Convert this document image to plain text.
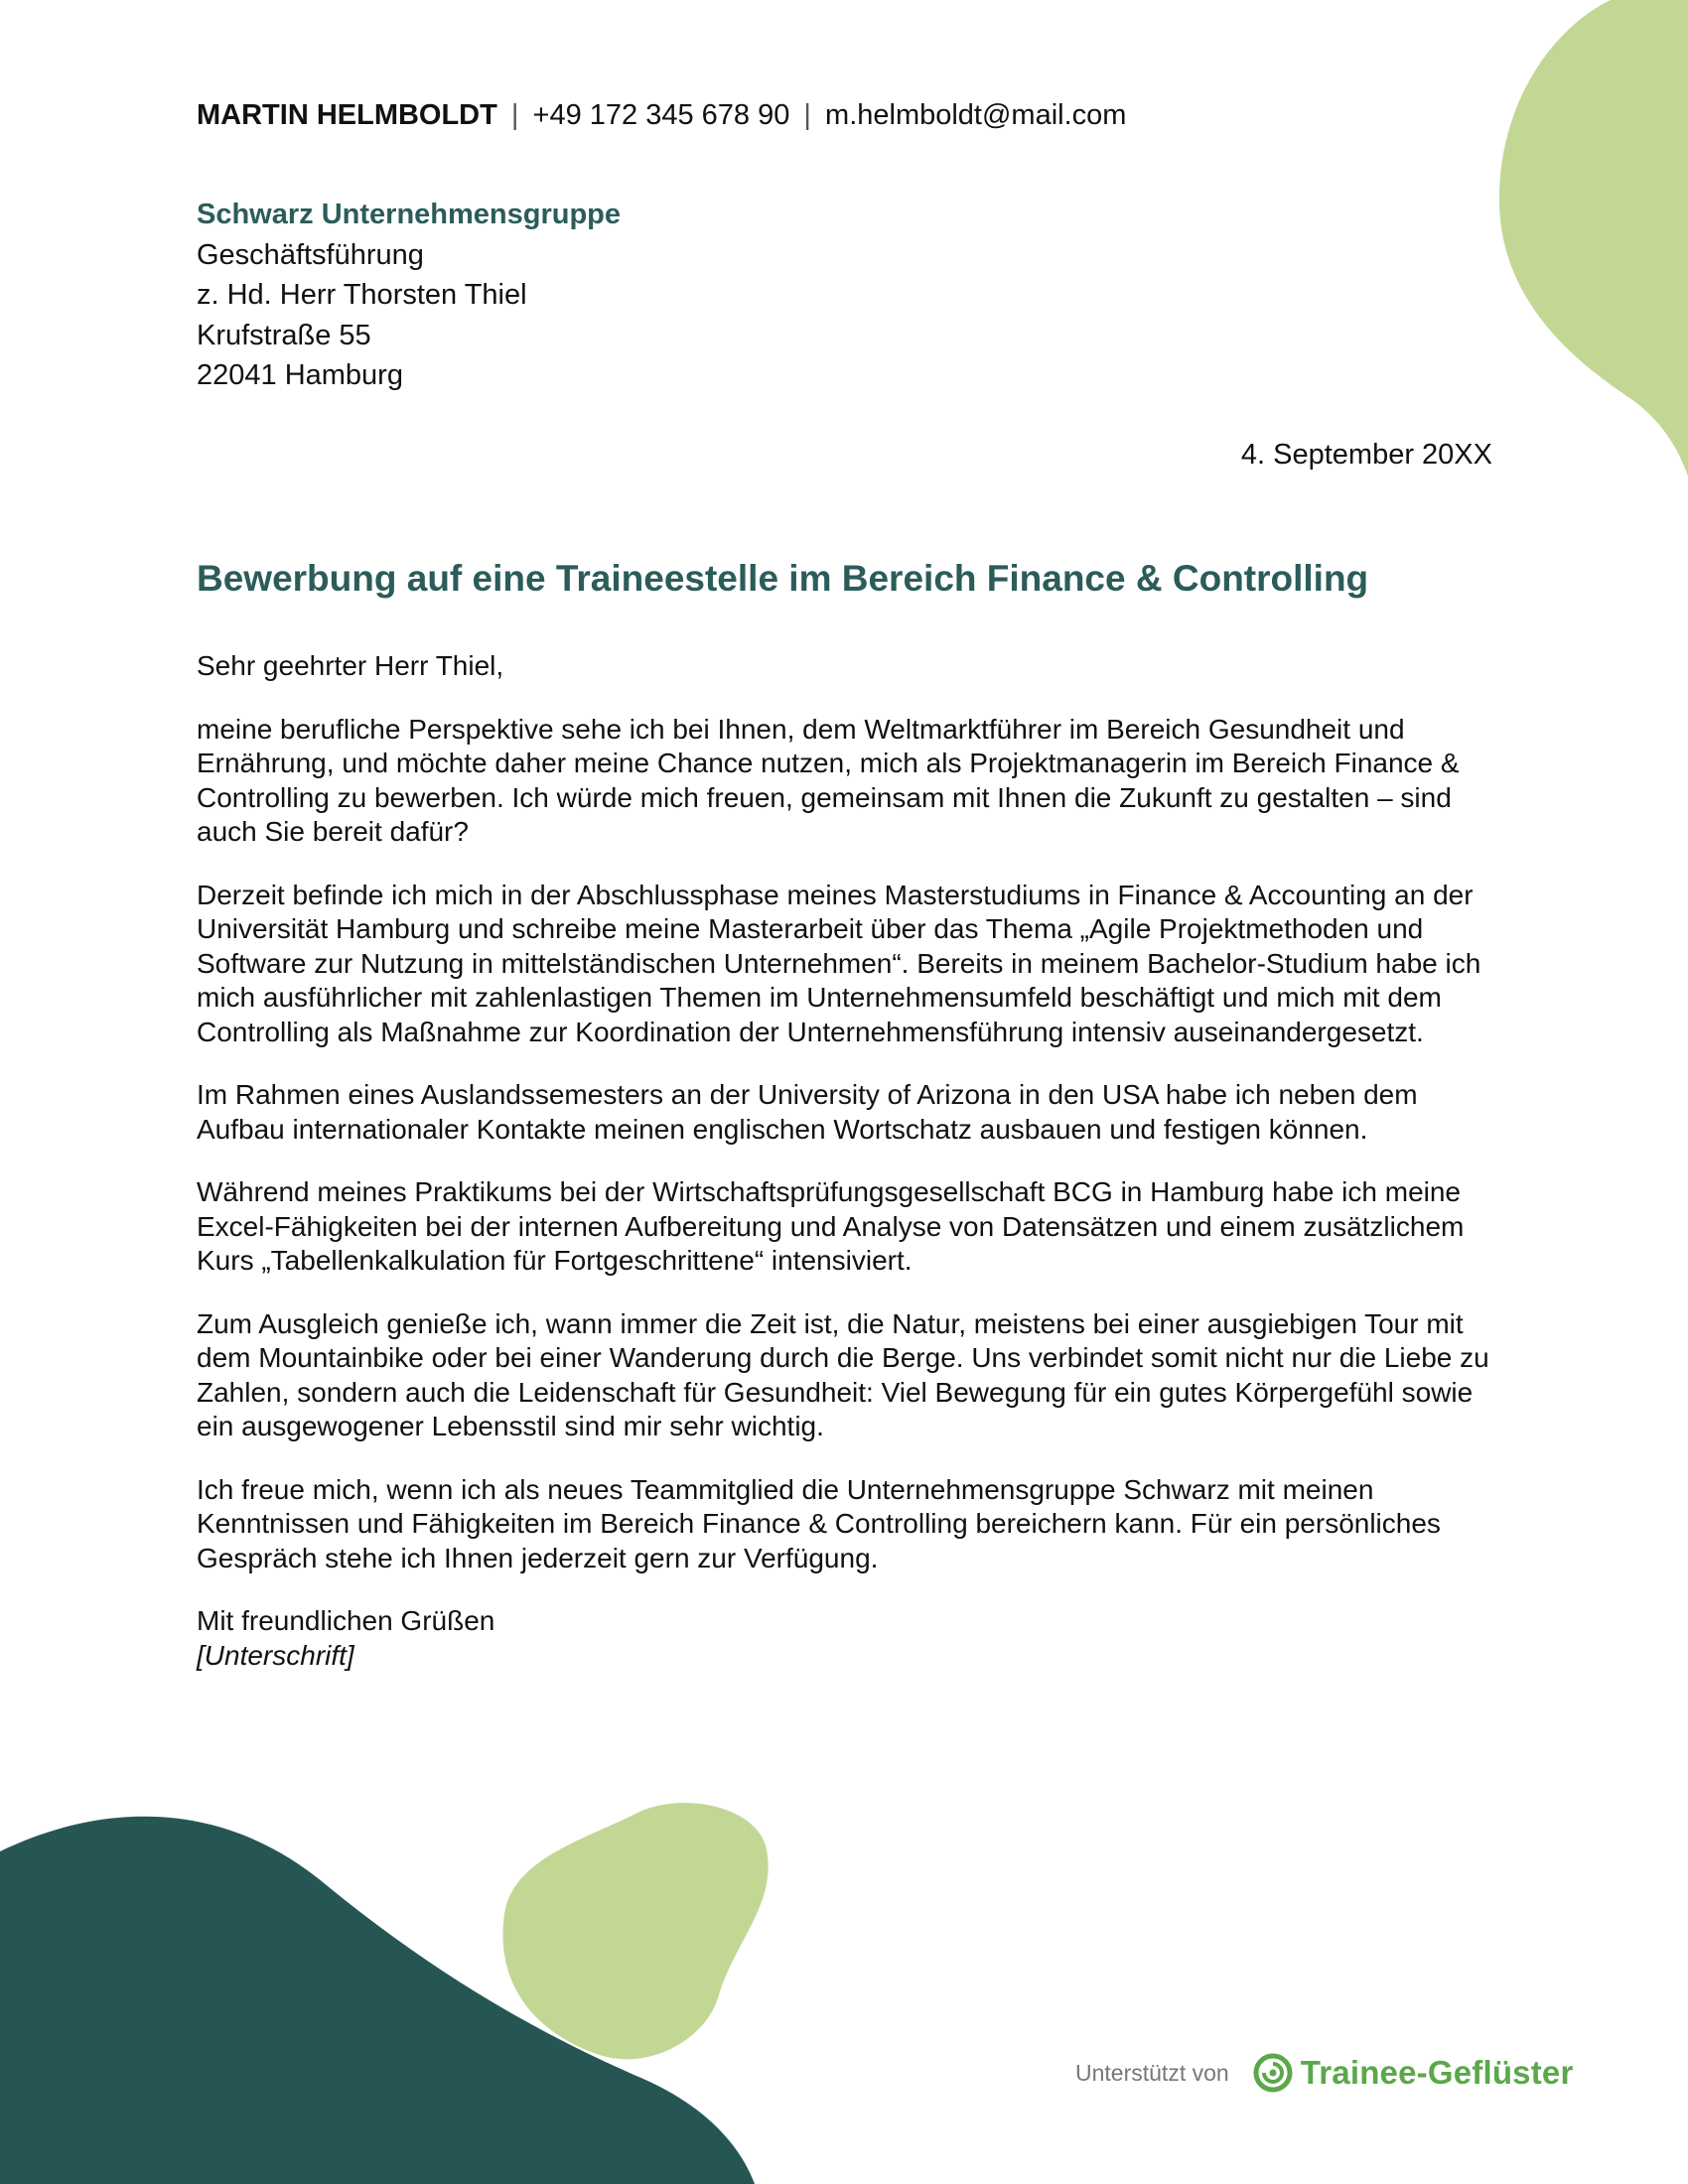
MARTIN HELMBOLDT | +49 172 345 678 90 | m.helmboldt@mail.com
Schwarz Unternehmensgruppe
Geschäftsführung
z. Hd. Herr Thorsten Thiel
Krufstraße 55
22041 Hamburg
4. September 20XX
Bewerbung auf eine Traineestelle im Bereich Finance & Controlling

Sehr geehrter Herr Thiel,

meine berufliche Perspektive sehe ich bei Ihnen, dem Weltmarktführer im Bereich Gesundheit und Ernährung, und möchte daher meine Chance nutzen, mich als Projektmanagerin im Bereich Finance & Controlling zu bewerben. Ich würde mich freuen, gemeinsam mit Ihnen die Zukunft zu gestalten – sind auch Sie bereit dafür?

Derzeit befinde ich mich in der Abschlussphase meines Masterstudiums in Finance & Accounting an der Universität Hamburg und schreibe meine Masterarbeit über das Thema „Agile Projektmethoden und Software zur Nutzung in mittelständischen Unternehmen“. Bereits in meinem Bachelor-Studium habe ich mich ausführlicher mit zahlenlastigen Themen im Unternehmensumfeld beschäftigt und mich mit dem Controlling als Maßnahme zur Koordination der Unternehmensführung intensiv auseinandergesetzt.

Im Rahmen eines Auslandssemesters an der University of Arizona in den USA habe ich neben dem Aufbau internationaler Kontakte meinen englischen Wortschatz ausbauen und festigen können.

Während meines Praktikums bei der Wirtschaftsprüfungsgesellschaft BCG in Hamburg habe ich meine Excel-Fähigkeiten bei der internen Aufbereitung und Analyse von Datensätzen und einem zusätzlichem Kurs „Tabellenkalkulation für Fortgeschrittene“ intensiviert.

Zum Ausgleich genieße ich, wann immer die Zeit ist, die Natur, meistens bei einer ausgiebigen Tour mit dem Mountainbike oder bei einer Wanderung durch die Berge. Uns verbindet somit nicht nur die Liebe zu Zahlen, sondern auch die Leidenschaft für Gesundheit: Viel Bewegung für ein gutes Körpergefühl sowie ein ausgewogener Lebensstil sind mir sehr wichtig.

Ich freue mich, wenn ich als neues Teammitglied die Unternehmensgruppe Schwarz mit meinen Kenntnissen und Fähigkeiten im Bereich Finance & Controlling bereichern kann. Für ein persönliches Gespräch stehe ich Ihnen jederzeit gern zur Verfügung.

Mit freundlichen Grüßen

[Unterschrift]

Unterstützt von Trainee-Geflüster
